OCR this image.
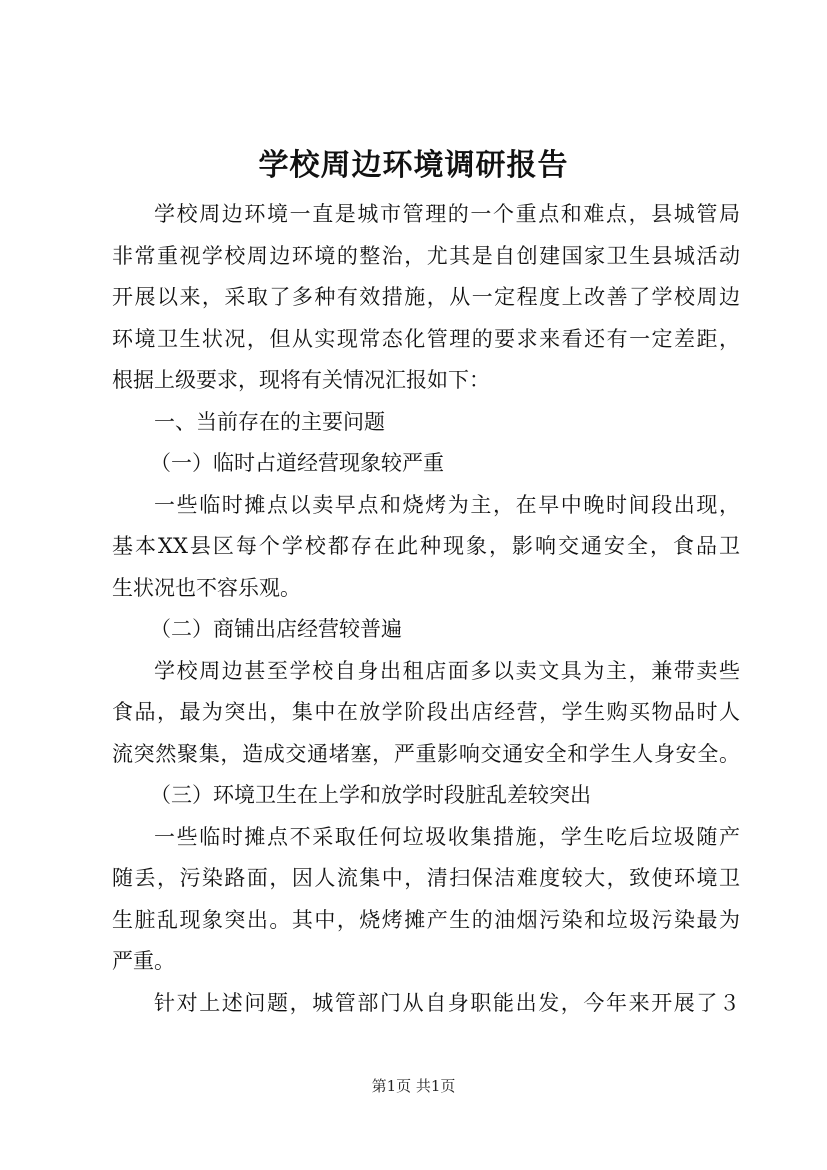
学校周边环境调研报告
学校周边环境一直是城市管理的一个重点和难点，县城管局
非常重视学校周边环境的整治，尤其是自创建国家卫生县城活动
开展以来，采取了多种有效措施，从一定程度上改善了学校周边
环境卫生状况，但从实现常态化管理的要求来看还有一定差距，
根据上级要求，现将有关情况汇报如下：
一、当前存在的主要问题
（一）临时占道经营现象较严重
一些临时摊点以卖早点和烧烤为主，在早中晚时间段出现，
基本XX县区每个学校都存在此种现象，影响交通安全，食品卫
生状况也不容乐观。
（二）商铺出店经营较普遍
学校周边甚至学校自身出租店面多以卖文具为主，兼带卖些
食品，最为突出，集中在放学阶段出店经营，学生购买物品时人
流突然聚集，造成交通堵塞，严重影响交通安全和学生人身安全。
（三）环境卫生在上学和放学时段脏乱差较突出
一些临时摊点不采取任何垃圾收集措施，学生吃后垃圾随产
随丢，污染路面，因人流集中，清扫保洁难度较大，致使环境卫
生脏乱现象突出。其中，烧烤摊产生的油烟污染和垃圾污染最为
严重。
针对上述问题，城管部门从自身职能出发，今年来开展了３
第1页 共1页
